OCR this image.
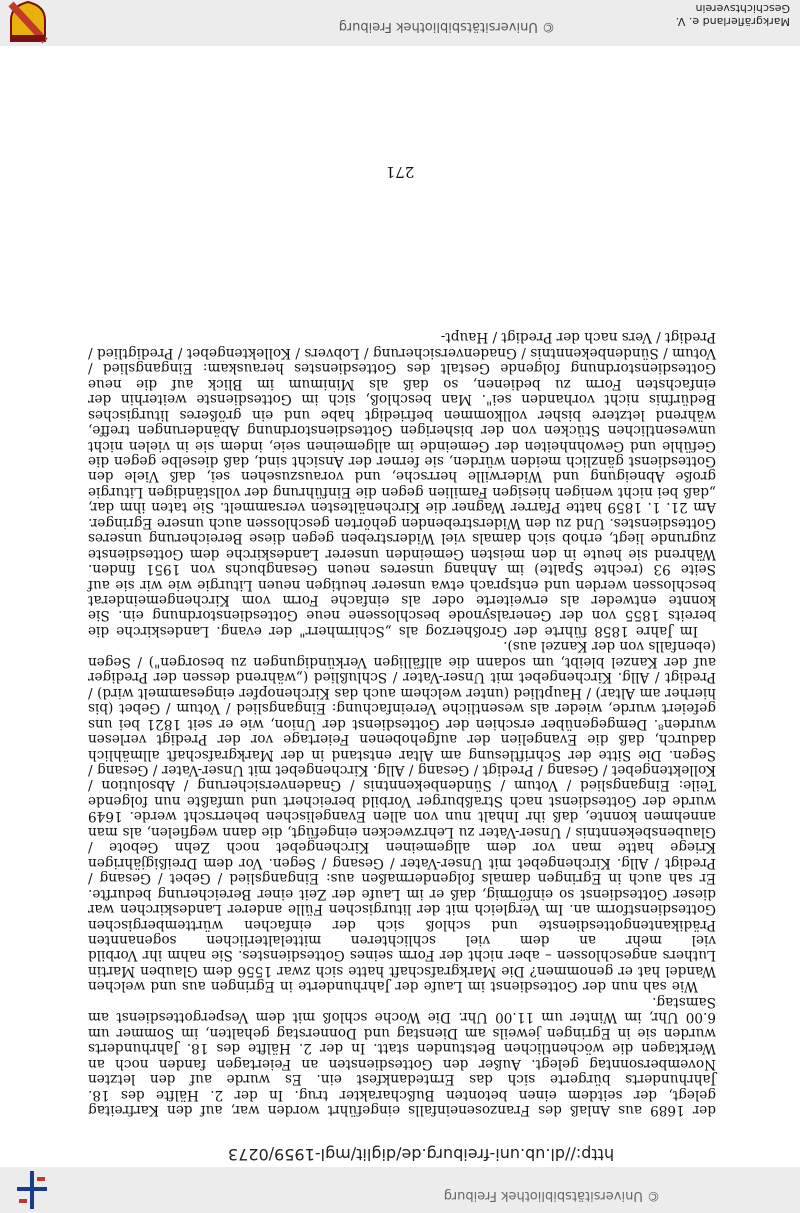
© Universitätsbibliothek Freiburg
http://dl.ub.uni-freiburg.de/diglit/mgl-1959/0273

der 1689 aus Anlaß des Franzoseneinfalls eingeführt worden war, auf den Karfreitag gelegt, der seitdem einen betonten Bußcharakter trug. In der 2. Hälfte des 18. Jahrhunderts bürgerte sich das Erntedankfest ein. Es wurde auf den letzten Novembersonntag gelegt. Außer den Gottesdiensten an Feiertagen fanden noch an Werktagen die wöchentlichen Betstunden statt. In der 2. Hälfte des 18. Jahrhunderts wurden sie in Egringen jeweils am Dienstag und Donnerstag gehalten, im Sommer um 6.00 Uhr, im Winter um 11.00 Uhr. Die Woche schloß mit dem Vespergottesdienst am Samstag.

Wie sah nun der Gottesdienst im Laufe der Jahrhunderte in Egringen aus und welchen Wandel hat er genommen? Die Markgrafschaft hatte sich zwar 1556 dem Glauben Martin Luthers angeschlossen – aber nicht der Form seines Gottesdienstes. Sie nahm ihr Vorbild viel mehr an dem viel schlichteren mittelalterlichen sogenannten Prädikantengottesdienste und schloß sich der einfachen württembergischen Gottesdienstform an. Im Vergleich mit der liturgischen Fülle anderer Landeskirchen war dieser Gottesdienst so einförmig, daß er im Laufe der Zeit einer Bereicherung bedurfte. Er sah auch in Egringen damals folgendermaßen aus: Eingangslied / Gebet / Gesang / Predigt / Allg. Kirchengebet mit Unser-Vater / Gesang / Segen. Vor dem Dreißigjährigen Kriege hatte man vor dem allgemeinen Kirchengebet noch Zehn Gebote / Glaubensbekenntnis / Unser-Vater zu Lehrzwecken eingefügt, die dann wegfielen, als man annehmen konnte, daß ihr Inhalt nun von allen Evangelischen beherrscht werde. 1649 wurde der Gottesdienst nach Straßburger Vorbild bereichert und umfaßte nun folgende Teile: Eingangslied / Votum / Sündenbekenntnis / Gnadenversicherung / Absolution / Kollektengebet / Gesang / Predigt / Gesang / Allg. Kirchengebet mit Unser-Vater / Gesang / Segen. Die Sitte der Schriftlesung am Altar entstand in der Markgrafschaft allmählich dadurch, daß die Evangelien der aufgehobenen Feiertage vor der Predigt verlesen wurden⁸. Demgegenüber erschien der Gottesdienst der Union, wie er seit 1821 bei uns gefeiert wurde, wieder als wesentliche Vereinfachung: Eingangslied / Votum / Gebet (bis hierher am Altar) / Hauptlied (unter welchem auch das Kirchenopfer eingesammelt wird) / Predigt / Allg. Kirchengebet mit Unser-Vater / Schlußlied („während dessen der Prediger auf der Kanzel bleibt, um sodann die allfälligen Verkündigungen zu besorgen") / Segen (ebenfalls von der Kanzel aus).

Im Jahre 1858 führte der Großherzog als „Schirmherr" der evang. Landeskirche die bereits 1855 von der Generalsynode beschlossene neue Gottesdienstordnung ein. Sie konnte entweder als erweiterte oder als einfache Form vom Kirchengemeinderat beschlossen werden und entsprach etwa unserer heutigen neuen Liturgie wie wir sie auf Seite 93 (rechte Spalte) im Anhang unseres neuen Gesangbuchs von 1951 finden. Während sie heute in den meisten Gemeinden unserer Landeskirche dem Gottesdienste zugrunde liegt, erhob sich damals viel Widerstreben gegen diese Bereicherung unseres Gottesdienstes. Und zu den Widerstrebenden gehörten geschlossen auch unsere Egringer. Am 21. 1. 1859 hatte Pfarrer Wagner die Kirchenältesten versammelt. Sie taten ihm dar, „daß bei nicht wenigen hiesigen Familien gegen die Einführung der vollständigen Liturgie große Abneigung und Widerwille herrsche, und vorauszusehen sei, daß Viele den Gottesdienst gänzlich meiden würden, sie ferner der Ansicht sind, daß dieselbe gegen die Gefühle und Gewohnheiten der Gemeinde im allgemeinen seie, indem sie in vielen nicht unwesentlichen Stücken von der bisherigen Gottesdienstordnung Abänderungen treffe, während letztere bisher vollkommen befriedigt habe und ein größeres liturgisches Bedürfnis nicht vorhanden sei". Man beschloß, sich im Gottesdienste weiterhin der einfachsten Form zu bedienen, so daß als Minimum im Blick auf die neue Gottesdienstordnung folgende Gestalt des Gottesdienstes herauskam: Eingangslied / Votum / Sündenbekenntnis / Gnadenversicherung / Lobvers / Kollektengebet / Predigtlied / Predigt / Vers nach der Predigt / Haupt-

271
Markgräflerland e. V.
Geschichtsverein
© Universitätsbibliothek Freiburg
